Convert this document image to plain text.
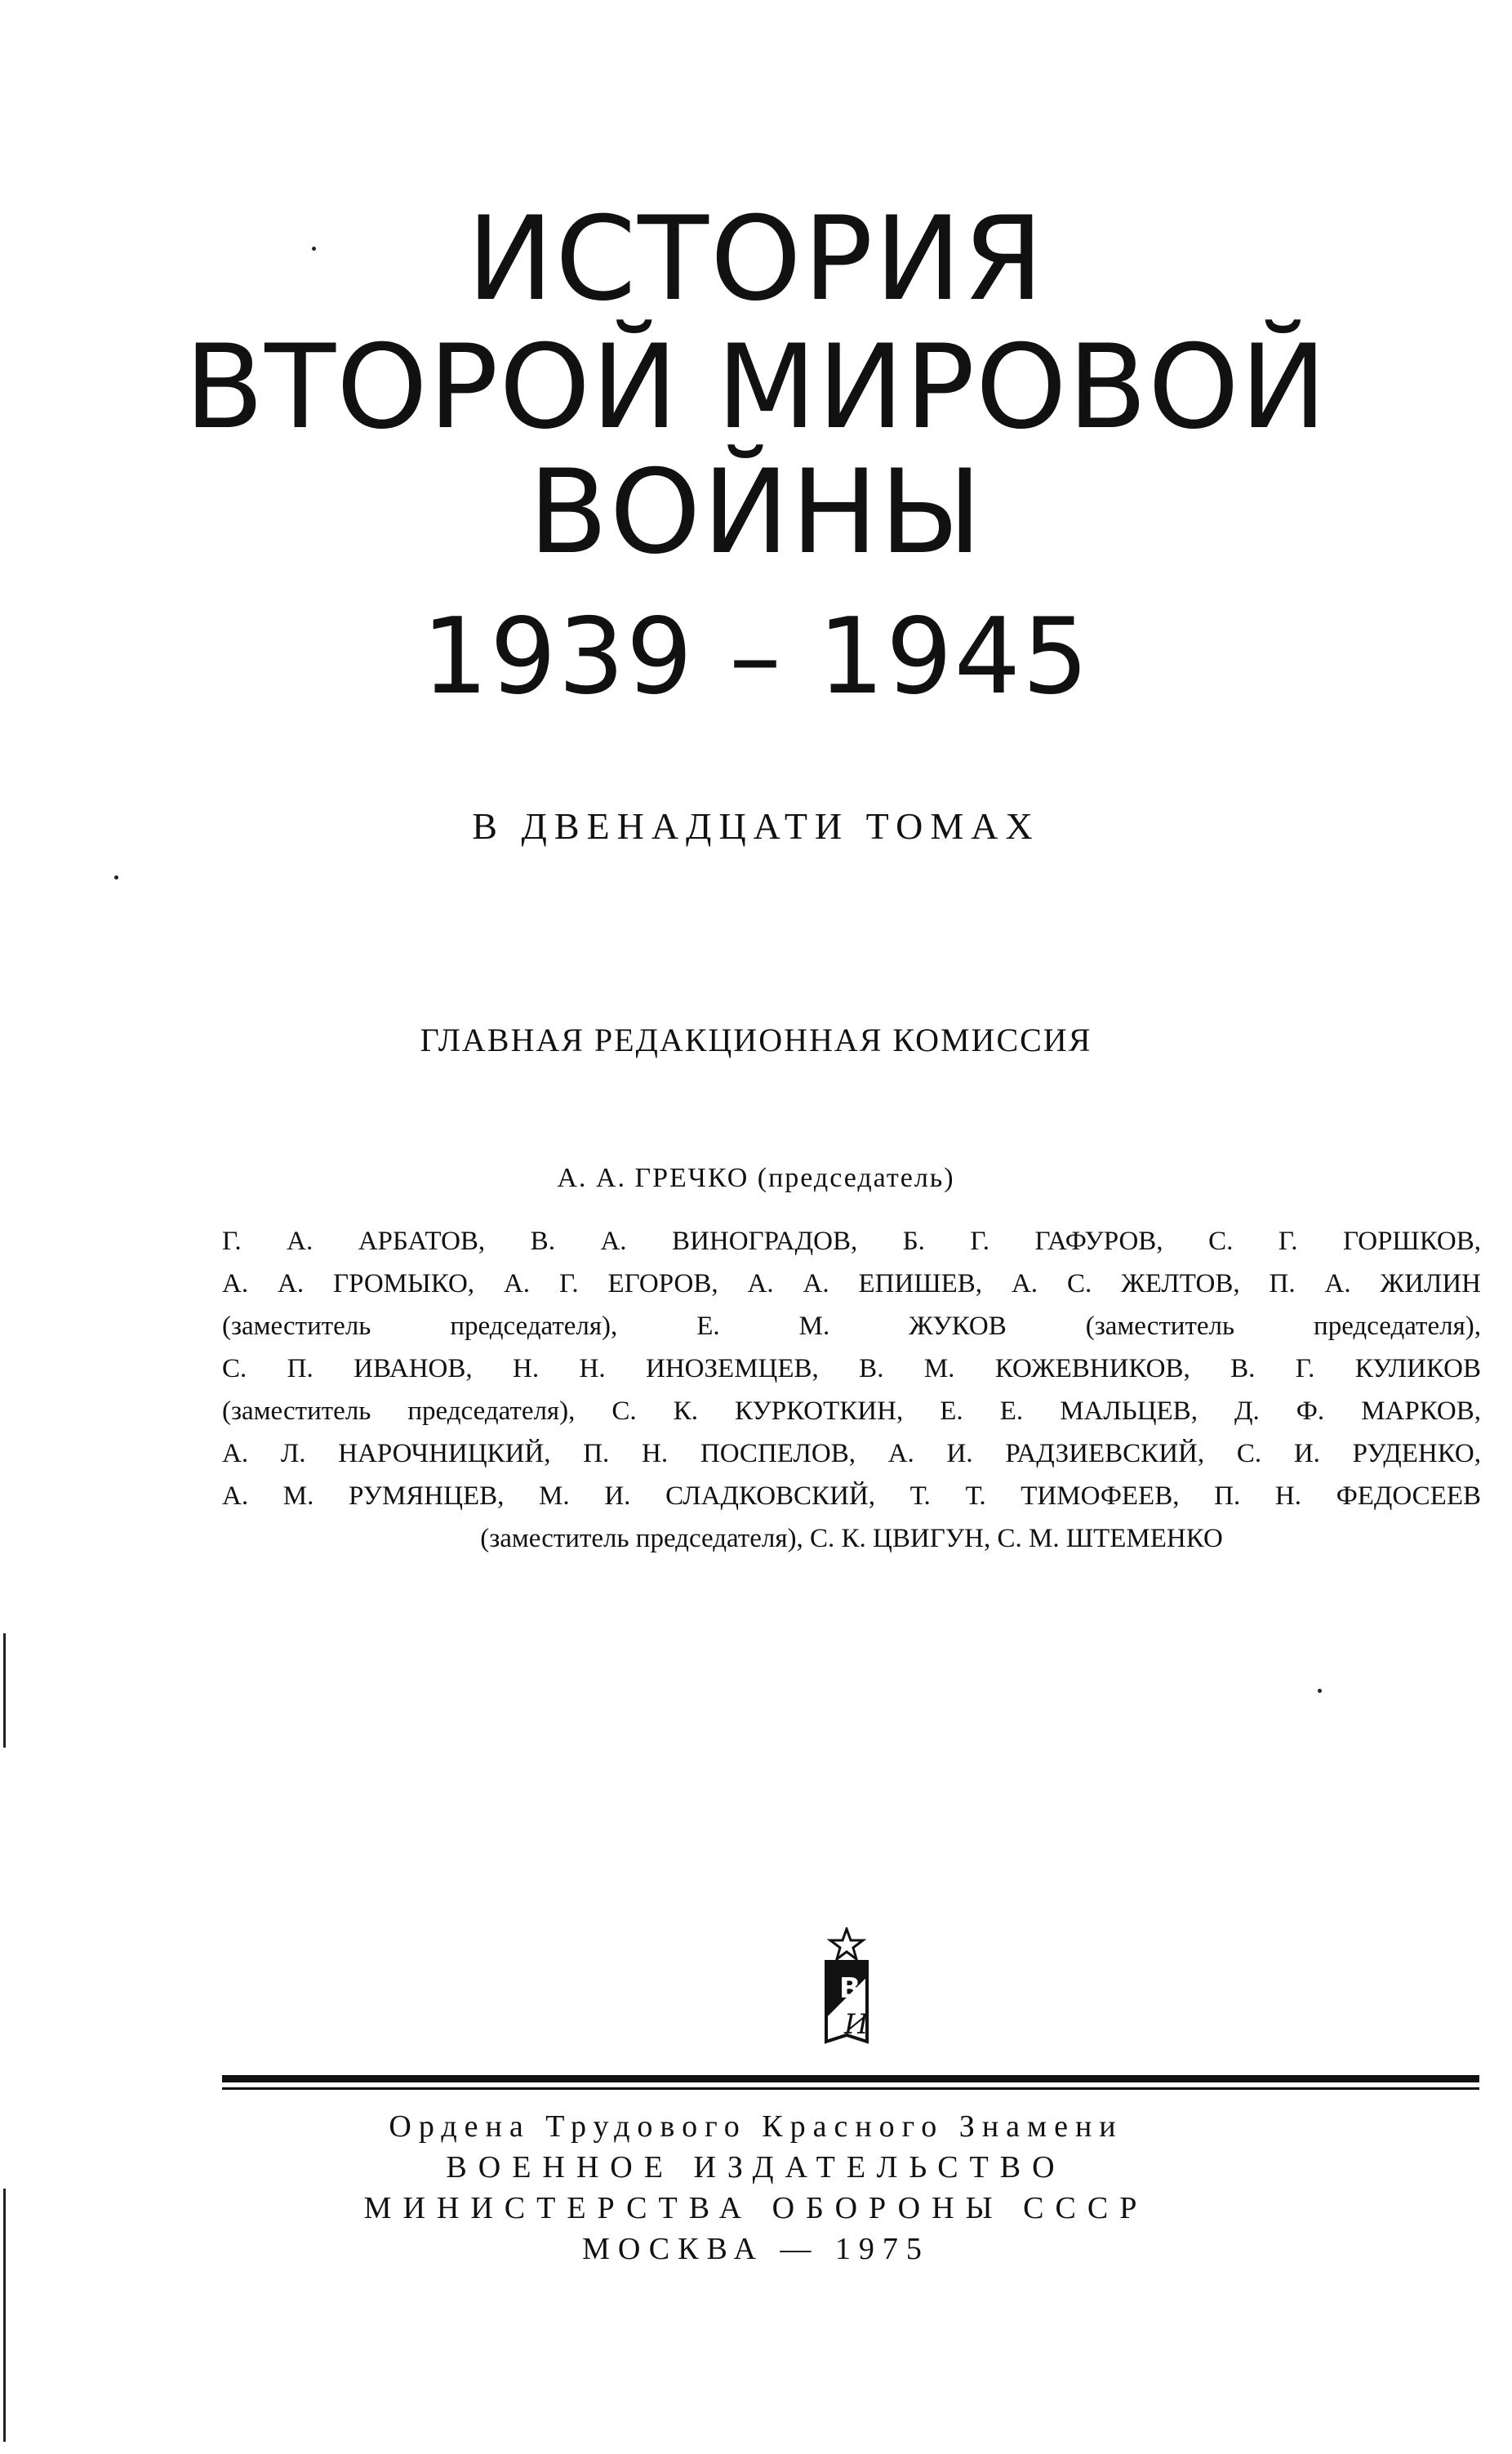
ИСТОРИЯ
ВТОРОЙ МИРОВОЙ
ВОЙНЫ
1939 – 1945
В ДВЕНАДЦАТИ ТОМАХ
ГЛАВНАЯ РЕДАКЦИОННАЯ КОМИССИЯ
А. А. ГРЕЧКО (председатель)
Г. А. АРБАТОВ, В. А. ВИНОГРАДОВ, Б. Г. ГАФУРОВ, С. Г. ГОРШКОВ,
А. А. ГРОМЫКО, А. Г. ЕГОРОВ, А. А. ЕПИШЕВ, А. С. ЖЕЛТОВ, П. А. ЖИЛИН
(заместитель председателя), Е. М. ЖУКОВ (заместитель председателя),
С. П. ИВАНОВ, Н. Н. ИНОЗЕМЦЕВ, В. М. КОЖЕВНИКОВ, В. Г. КУЛИКОВ
(заместитель председателя), С. К. КУРКОТКИН, Е. Е. МАЛЬЦЕВ, Д. Ф. МАРКОВ,
А. Л. НАРОЧНИЦКИЙ, П. Н. ПОСПЕЛОВ, А. И. РАДЗИЕВСКИЙ, С. И. РУДЕНКО,
А. М. РУМЯНЦЕВ, М. И. СЛАДКОВСКИЙ, Т. Т. ТИМОФЕЕВ, П. Н. ФЕДОСЕЕВ
(заместитель председателя), С. К. ЦВИГУН, С. М. ШТЕМЕНКО
В
И
Ордена Трудового Красного Знамени
ВОЕННОЕ ИЗДАТЕЛЬСТВО
МИНИСТЕРСТВА ОБОРОНЫ СССР
МОСКВА — 1975
